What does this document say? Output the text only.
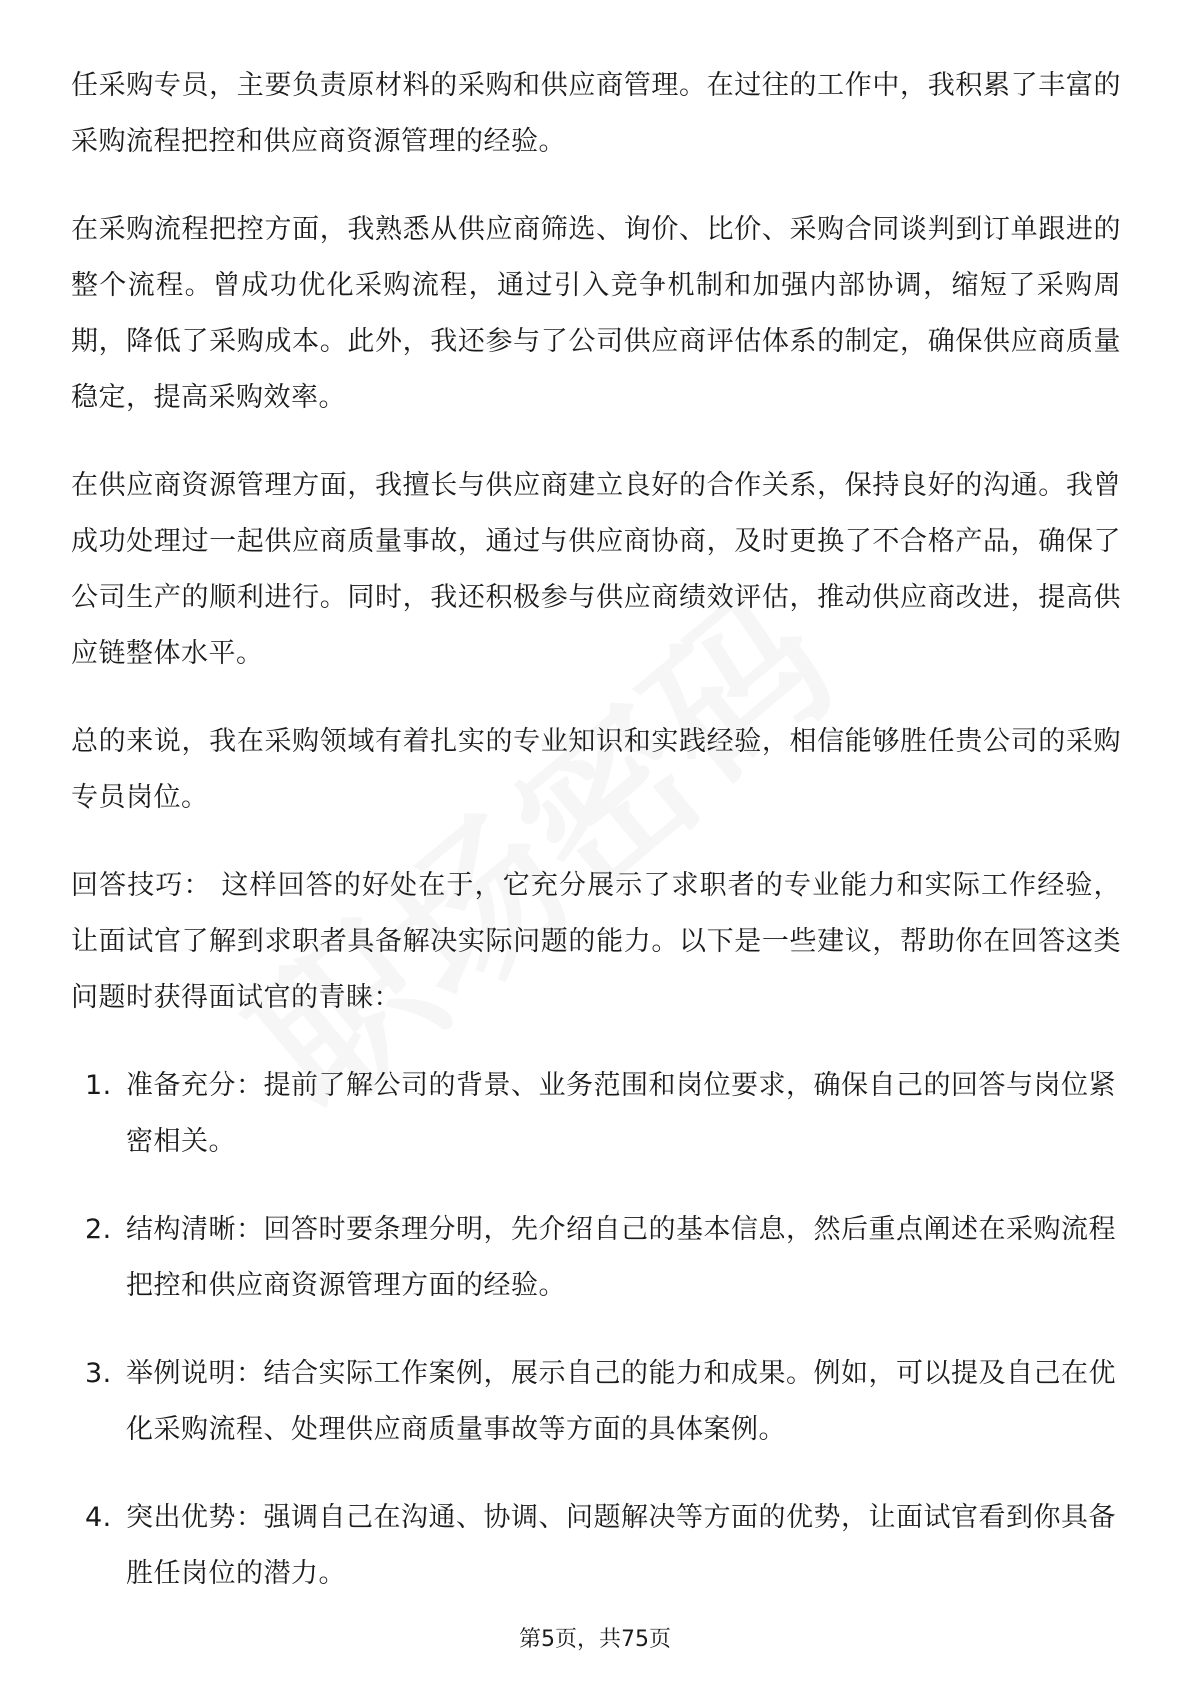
任采购专员，主要负责原材料的采购和供应商管理。在过往的工作中，我积累了丰富的采购流程把控和供应商资源管理的经验。

在采购流程把控方面，我熟悉从供应商筛选、询价、比价、采购合同谈判到订单跟进的整个流程。曾成功优化采购流程，通过引入竞争机制和加强内部协调，缩短了采购周期，降低了采购成本。此外，我还参与了公司供应商评估体系的制定，确保供应商质量稳定，提高采购效率。

在供应商资源管理方面，我擅长与供应商建立良好的合作关系，保持良好的沟通。我曾成功处理过一起供应商质量事故，通过与供应商协商，及时更换了不合格产品，确保了公司生产的顺利进行。同时，我还积极参与供应商绩效评估，推动供应商改进，提高供应链整体水平。

总的来说，我在采购领域有着扎实的专业知识和实践经验，相信能够胜任贵公司的采购专员岗位。

回答技巧： 这样回答的好处在于，它充分展示了求职者的专业能力和实际工作经验，让面试官了解到求职者具备解决实际问题的能力。以下是一些建议，帮助你在回答这类问题时获得面试官的青睐：

1. 准备充分：提前了解公司的背景、业务范围和岗位要求，确保自己的回答与岗位紧密相关。
2. 结构清晰：回答时要条理分明，先介绍自己的基本信息，然后重点阐述在采购流程把控和供应商资源管理方面的经验。
3. 举例说明：结合实际工作案例，展示自己的能力和成果。例如，可以提及自己在优化采购流程、处理供应商质量事故等方面的具体案例。
4. 突出优势：强调自己在沟通、协调、问题解决等方面的优势，让面试官看到你具备胜任岗位的潜力。
第5页，共75页
